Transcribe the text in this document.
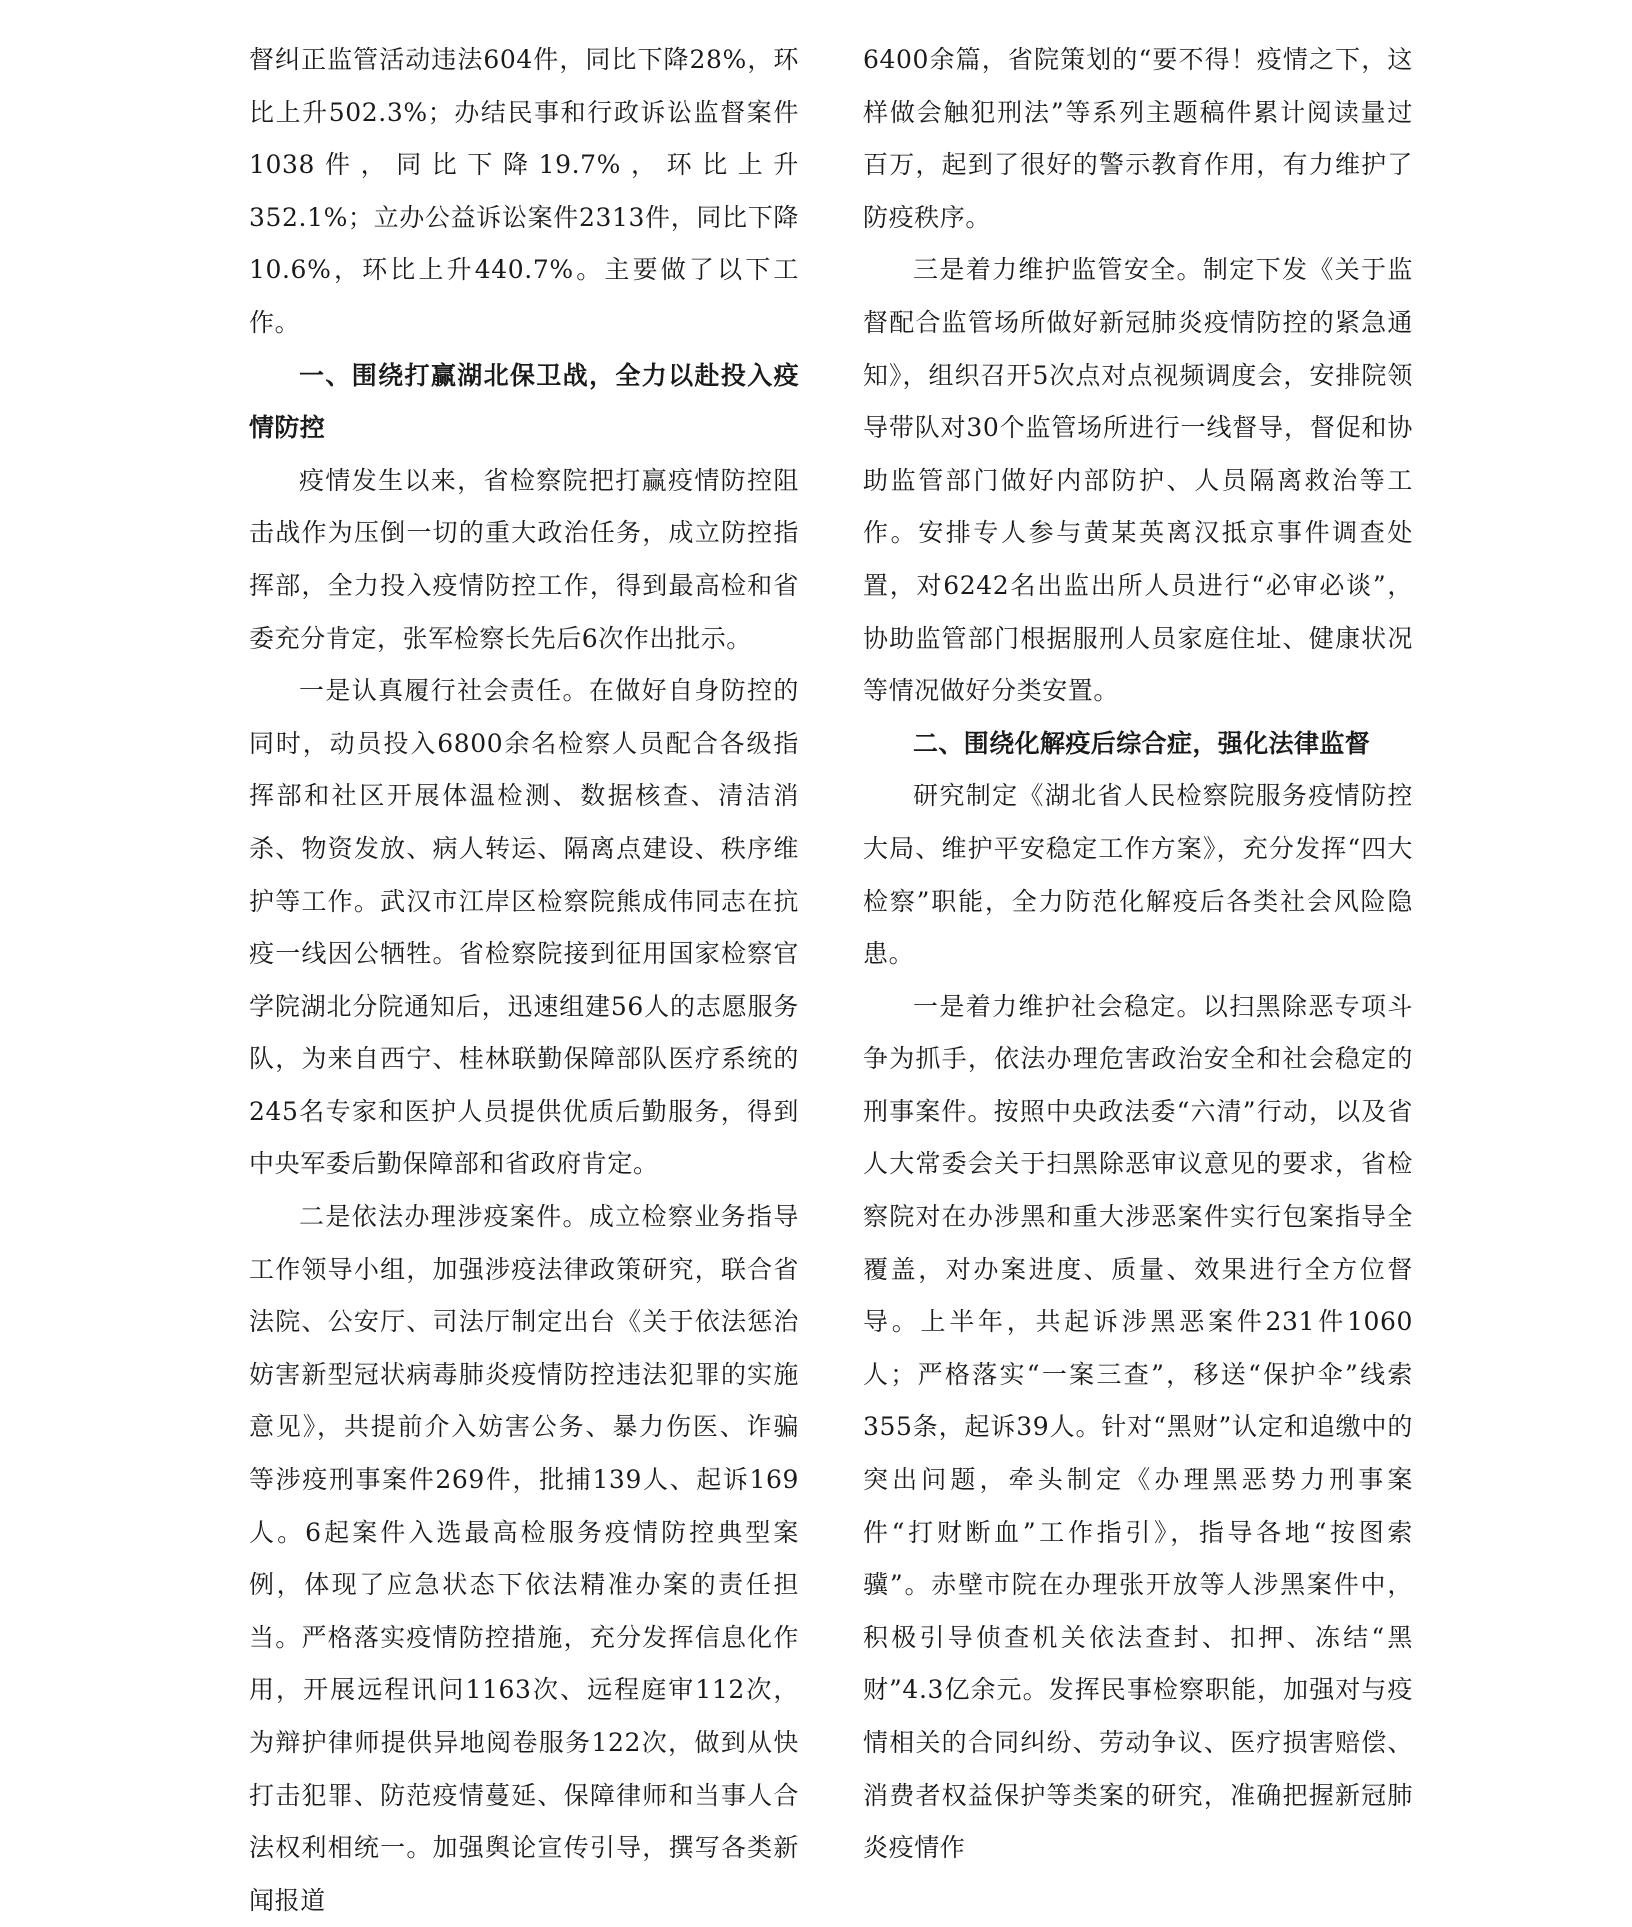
督纠正监管活动违法604件，同比下降28%，环比上升502.3%；办结民事和行政诉讼监督案件1038件，同比下降19.7%，环比上升352.1%；立办公益诉讼案件2313件，同比下降10.6%，环比上升440.7%。主要做了以下工作。

一、围绕打赢湖北保卫战，全力以赴投入疫情防控

疫情发生以来，省检察院把打赢疫情防控阻击战作为压倒一切的重大政治任务，成立防控指挥部，全力投入疫情防控工作，得到最高检和省委充分肯定，张军检察长先后6次作出批示。

一是认真履行社会责任。在做好自身防控的同时，动员投入6800余名检察人员配合各级指挥部和社区开展体温检测、数据核查、清洁消杀、物资发放、病人转运、隔离点建设、秩序维护等工作。武汉市江岸区检察院熊成伟同志在抗疫一线因公牺牲。省检察院接到征用国家检察官学院湖北分院通知后，迅速组建56人的志愿服务队，为来自西宁、桂林联勤保障部队医疗系统的245名专家和医护人员提供优质后勤服务，得到中央军委后勤保障部和省政府肯定。

二是依法办理涉疫案件。成立检察业务指导工作领导小组，加强涉疫法律政策研究，联合省法院、公安厅、司法厅制定出台《关于依法惩治妨害新型冠状病毒肺炎疫情防控违法犯罪的实施意见》，共提前介入妨害公务、暴力伤医、诈骗等涉疫刑事案件269件，批捕139人、起诉169人。6起案件入选最高检服务疫情防控典型案例，体现了应急状态下依法精准办案的责任担当。严格落实疫情防控措施，充分发挥信息化作用，开展远程讯问1163次、远程庭审112次，为辩护律师提供异地阅卷服务122次，做到从快打击犯罪、防范疫情蔓延、保障律师和当事人合法权利相统一。加强舆论宣传引导，撰写各类新闻报道

6400余篇，省院策划的“要不得！疫情之下，这样做会触犯刑法”等系列主题稿件累计阅读量过百万，起到了很好的警示教育作用，有力维护了防疫秩序。

三是着力维护监管安全。制定下发《关于监督配合监管场所做好新冠肺炎疫情防控的紧急通知》，组织召开5次点对点视频调度会，安排院领导带队对30个监管场所进行一线督导，督促和协助监管部门做好内部防护、人员隔离救治等工作。安排专人参与黄某英离汉抵京事件调查处置，对6242名出监出所人员进行“必审必谈”，协助监管部门根据服刑人员家庭住址、健康状况等情况做好分类安置。

二、围绕化解疫后综合症，强化法律监督

研究制定《湖北省人民检察院服务疫情防控大局、维护平安稳定工作方案》，充分发挥“四大检察”职能，全力防范化解疫后各类社会风险隐患。

一是着力维护社会稳定。以扫黑除恶专项斗争为抓手，依法办理危害政治安全和社会稳定的刑事案件。按照中央政法委“六清”行动，以及省人大常委会关于扫黑除恶审议意见的要求，省检察院对在办涉黑和重大涉恶案件实行包案指导全覆盖，对办案进度、质量、效果进行全方位督导。上半年，共起诉涉黑恶案件231件1060人；严格落实“一案三查”，移送“保护伞”线索355条，起诉39人。针对“黑财”认定和追缴中的突出问题，牵头制定《办理黑恶势力刑事案件“打财断血”工作指引》，指导各地“按图索骥”。赤壁市院在办理张开放等人涉黑案件中，积极引导侦查机关依法查封、扣押、冻结“黑财”4.3亿余元。发挥民事检察职能，加强对与疫情相关的合同纠纷、劳动争议、医疗损害赔偿、消费者权益保护等类案的研究，准确把握新冠肺炎疫情作
